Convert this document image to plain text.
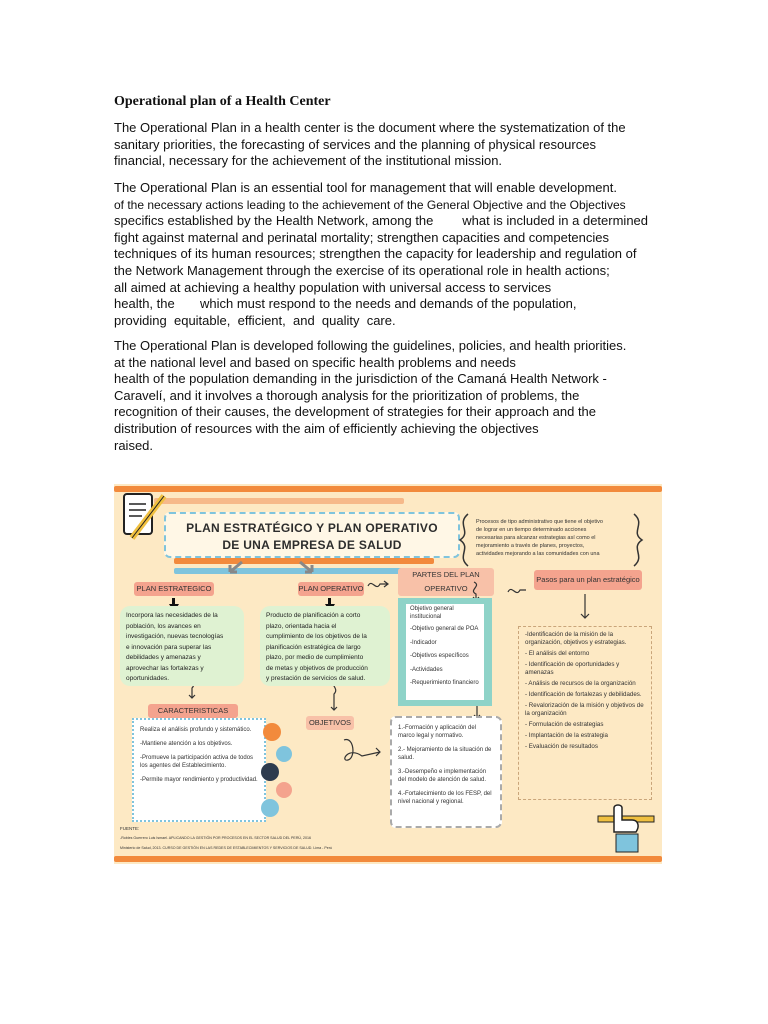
Operational plan of a Health Center
The Operational Plan in a health center is the document where the systematization of the
sanitary priorities, the forecasting of services and the planning of physical resources
financial, necessary for the achievement of the institutional mission.
The Operational Plan is an essential tool for management that will enable development.
of the necessary actions leading to the achievement of the General Objective and the Objectives
specifics established by the Health Network, among the        what is included in a determined
fight against maternal and perinatal mortality; strengthen capacities and competencies
techniques of its human resources; strengthen the capacity for leadership and regulation of
the Network Management through the exercise of its operational role in health actions;
all aimed at achieving a healthy population with universal access to services
health, the       which must respond to the needs and demands of the population,
providing  equitable,  efficient,  and  quality  care.
The Operational Plan is developed following the guidelines, policies, and health priorities.
at the national level and based on specific health problems and needs
health of the population demanding in the jurisdiction of the Camaná Health Network -
Caravelí, and it involves a thorough analysis for the prioritization of problems, the
recognition of their causes, the development of strategies for their approach and the
distribution of resources with the aim of efficiently achieving the objectives
raised.
PLAN ESTRATÉGICO Y PLAN OPERATIVO
DE UNA EMPRESA DE SALUD
Procesos de tipo administrativo que tiene el objetivo
de lograr en un tiempo determinado acciones
necesarias para alcanzar estrategias así como el
mejoramiento a través de planes, proyectos,
actividades mejorando a las comunidades con una
PLAN ESTRATEGICO	PLAN OPERATIVO
PARTES DEL PLAN OPERATIVO
Pasos para un plan estratégico
CARACTERISTICAS
OBJETIVOS
Incorpora las necesidades de la
población, los avances en
investigación, nuevas tecnologías
e innovación para superar las
debilidades y amenazas y
aprovechar las fortalezas y
oportunidades.
Producto de planificación a corto
plazo, orientada hacia el
cumplimiento de los objetivos de la
planificación estratégica de largo
plazo, por medio de cumplimiento
de metas y objetivos de producción
y prestación de servicios de salud.
Objetivo general institucional
-Objetivo general de POA
-Indicador
-Objetivos específicos
-Actividades
-Requerimiento financiero
-Identificación de la misión de la organización, objetivos y estrategias.
- El análisis del entorno
- Identificación de oportunidades y amenazas
- Análisis de recursos de la organización
- Identificación de fortalezas y debilidades.
- Revalorización de la misión y objetivos de la organización
- Formulación de estrategias
- Implantación de la estrategia
- Evaluación de resultados
Realiza el análisis profundo y sistemático.
-Mantiene atención a los objetivos.
-Promueve la participación activa de todos los agentes del Establecimiento.
-Permite mayor rendimiento y productividad.
1.-Formación y aplicación del marco legal y normativo.
2.- Mejoramiento de la situación de salud.
3.-Desempeño e implementación del modelo de atención de salud.
4.-Fortalecimiento de los FESP, del nivel nacional y regional.
FUENTE:
-Robles Guerrero Luis Ismael. APLICANDO LA GESTIÓN POR PROCESOS EN EL SECTOR SALUD DEL PERÚ, 2016
Ministerio de Salud, 2013. CURSO DE GESTIÓN EN LAS REDES DE ESTABLECIMIENTOS Y SERVICIOS DE SALUD. Lima - Perú
